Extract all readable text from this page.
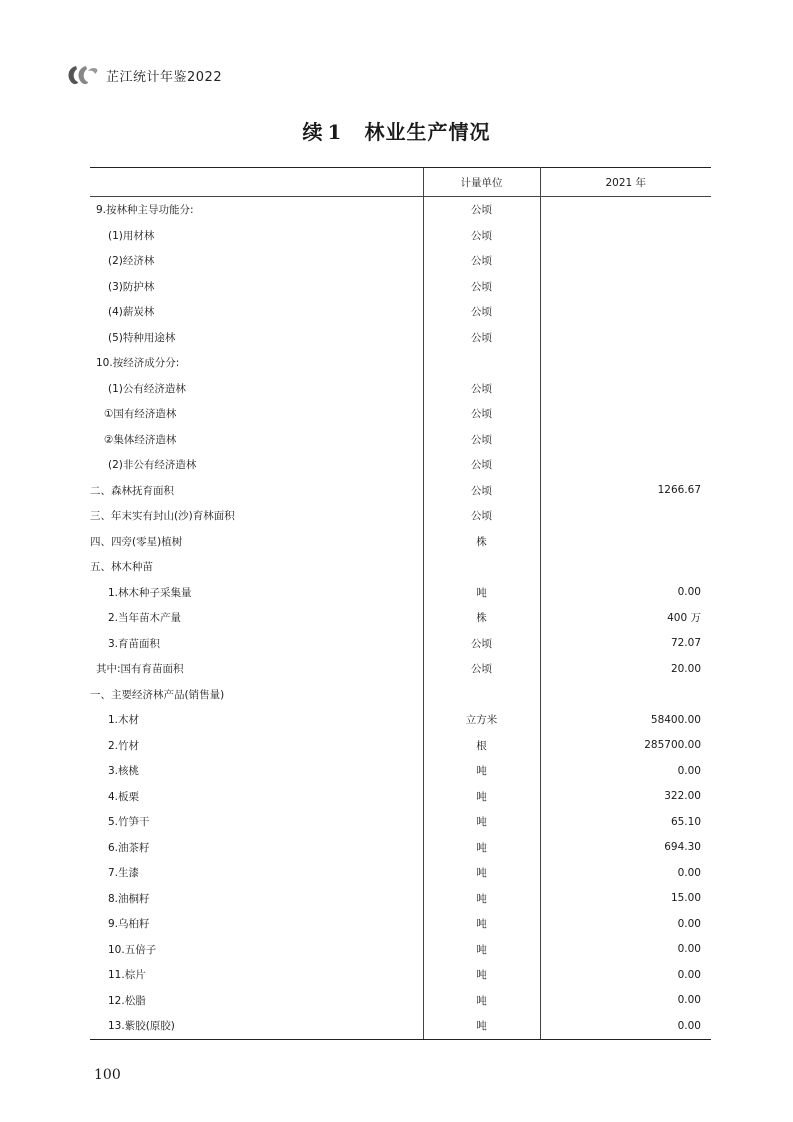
芷江统计年鉴2022
续 1 林业生产情况
	计量单位	2021 年
9.按林种主导功能分:	公顷	
(1)用材林	公顷	
(2)经济林	公顷	
(3)防护林	公顷	
(4)薪炭林	公顷	
(5)特种用途林	公顷	
10.按经济成分分:		
(1)公有经济造林	公顷	
①国有经济造林	公顷	
②集体经济造林	公顷	
(2)非公有经济造林	公顷	
二、森林抚育面积	公顷	1266.67
三、年末实有封山(沙)育林面积	公顷	
四、四旁(零星)植树	株	
五、林木种苗		
1.林木种子采集量	吨	0.00
2.当年苗木产量	株	400 万
3.育苗面积	公顷	72.07
其中:国有育苗面积	公顷	20.00
一、主要经济林产品(销售量)		
1.木材	立方米	58400.00
2.竹材	根	285700.00
3.核桃	吨	0.00
4.板栗	吨	322.00
5.竹笋干	吨	65.10
6.油茶籽	吨	694.30
7.生漆	吨	0.00
8.油桐籽	吨	15.00
9.乌桕籽	吨	0.00
10.五倍子	吨	0.00
11.棕片	吨	0.00
12.松脂	吨	0.00
13.紫胶(原胶)	吨	0.00
100
